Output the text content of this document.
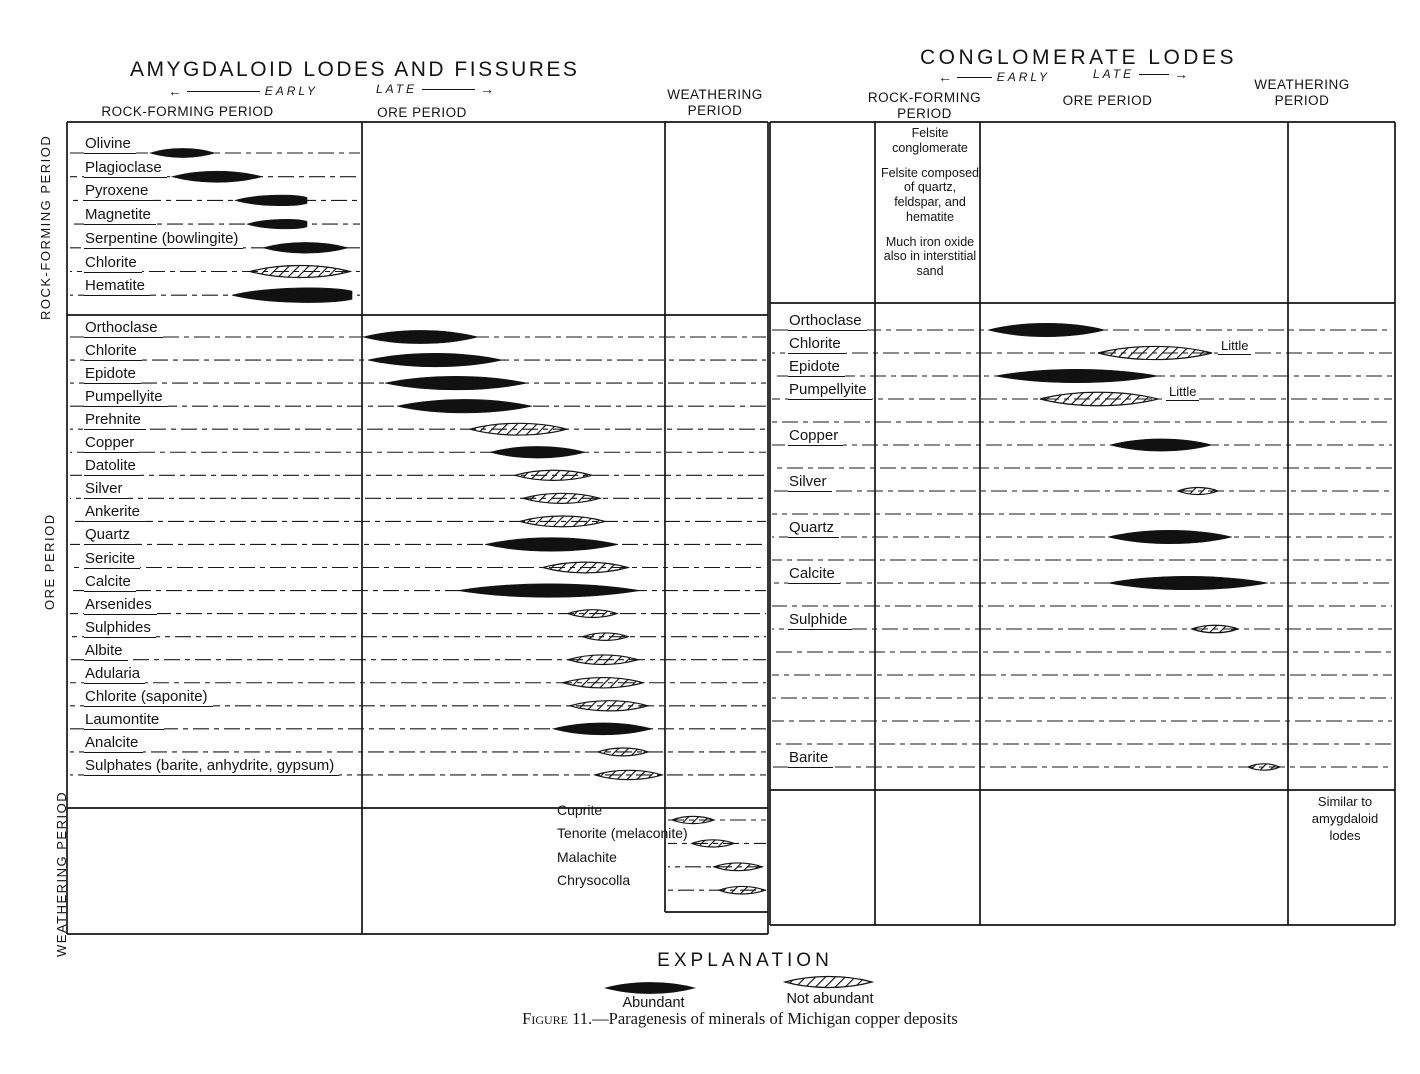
AMYGDALOID LODES AND FISSURES
CONGLOMERATE LODES
←	EARLY	LATE	→
←	EARLY	LATE	→
ROCK-FORMING PERIOD	ORE PERIOD
WEATHERING PERIOD
ROCK-FORMING PERIOD
ORE PERIOD
WEATHERING PERIOD
ROCK-FORMING PERIOD
ORE PERIOD
WEATHERING PERIOD

Felsite conglomerate

Felsite composed of quartz, feldspar, and hematite

Much iron oxide also in interstitial sand

Similar to amygdaloid lodes
EXPLANATION
Abundant	Not abundant
Figure 11.—Paragenesis of minerals of Michigan copper deposits
Olivine
Plagioclase
Pyroxene
Magnetite
Serpentine (bowlingite)
Chlorite
Hematite
Orthoclase
Chlorite
Epidote
Pumpellyite
Prehnite
Copper
Datolite
Silver
Ankerite
Quartz
Sericite
Calcite
Arsenides
Sulphides
Albite
Adularia
Chlorite (saponite)
Laumontite
Analcite
Sulphates (barite, anhydrite, gypsum)
Cuprite
Tenorite (melaconite)
Malachite
Chrysocolla
Orthoclase
Chlorite	Little
Epidote
Pumpellyite	Little
Copper
Silver
Quartz
Calcite
Sulphide
Barite
